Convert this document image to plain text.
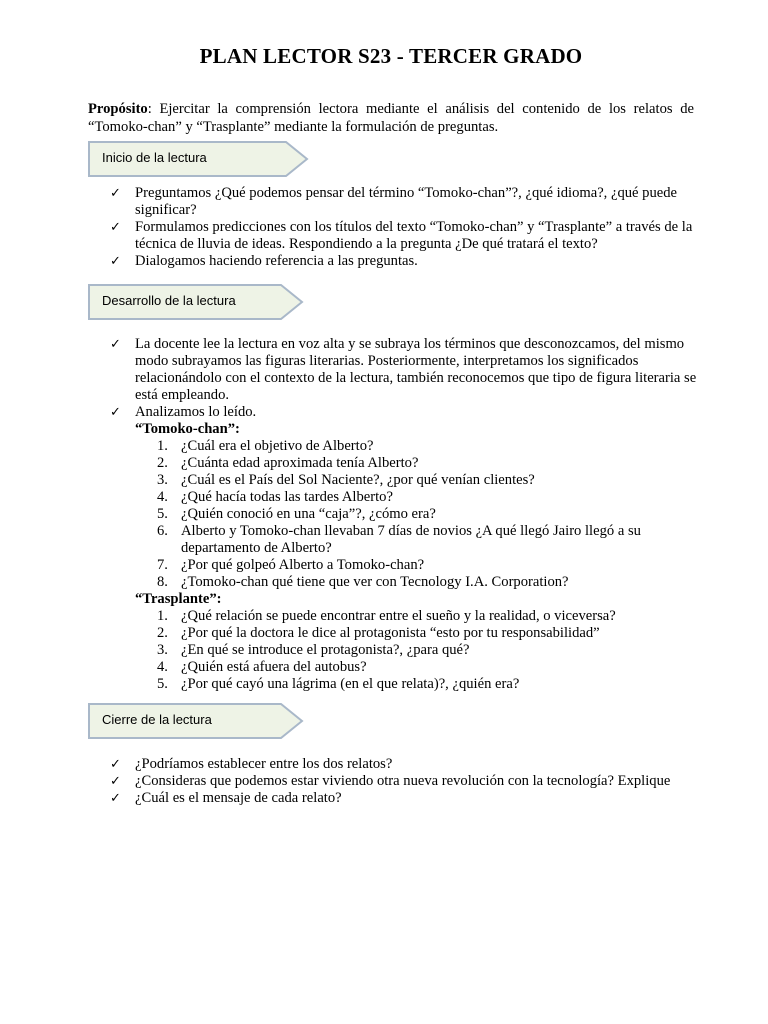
PLAN LECTOR S23 - TERCER GRADO
Propósito: Ejercitar la comprensión lectora mediante el análisis del contenido de los relatos de “Tomoko-chan” y “Trasplante” mediante la formulación de preguntas.
Inicio de la lectura
✓ Preguntamos ¿Qué podemos pensar del término “Tomoko-chan”?, ¿qué idioma?, ¿qué puede significar?
✓ Formulamos predicciones con los títulos del texto “Tomoko-chan” y “Trasplante” a través de la técnica de lluvia de ideas. Respondiendo a la pregunta ¿De qué tratará el texto?
✓ Dialogamos haciendo referencia a las preguntas.
Desarrollo de la lectura
✓ La docente lee la lectura en voz alta y se subraya los términos que desconozcamos, del mismo modo subrayamos las figuras literarias. Posteriormente, interpretamos los significados relacionándolo con el contexto de la lectura, también reconocemos que tipo de figura literaria se está empleando.
✓ Analizamos lo leído.
“Tomoko-chan”:
1. ¿Cuál era el objetivo de Alberto?
2. ¿Cuánta edad aproximada tenía Alberto?
3. ¿Cuál es el País del Sol Naciente?, ¿por qué venían clientes?
4. ¿Qué hacía todas las tardes Alberto?
5. ¿Quién conoció en una “caja”?, ¿cómo era?
6. Alberto y Tomoko-chan llevaban 7 días de novios ¿A qué llegó Jairo llegó a su departamento de Alberto?
7. ¿Por qué golpeó Alberto a Tomoko-chan?
8. ¿Tomoko-chan qué tiene que ver con Tecnology I.A. Corporation?
“Trasplante”:
1. ¿Qué relación se puede encontrar entre el sueño y la realidad, o viceversa?
2. ¿Por qué la doctora le dice al protagonista “esto por tu responsabilidad”
3. ¿En qué se introduce el protagonista?, ¿para qué?
4. ¿Quién está afuera del autobus?
5. ¿Por qué cayó una lágrima (en el que relata)?, ¿quién era?
Cierre de la lectura
✓ ¿Podríamos establecer entre los dos relatos?
✓ ¿Consideras que podemos estar viviendo otra nueva revolución con la tecnología? Explique
✓ ¿Cuál es el mensaje de cada relato?
